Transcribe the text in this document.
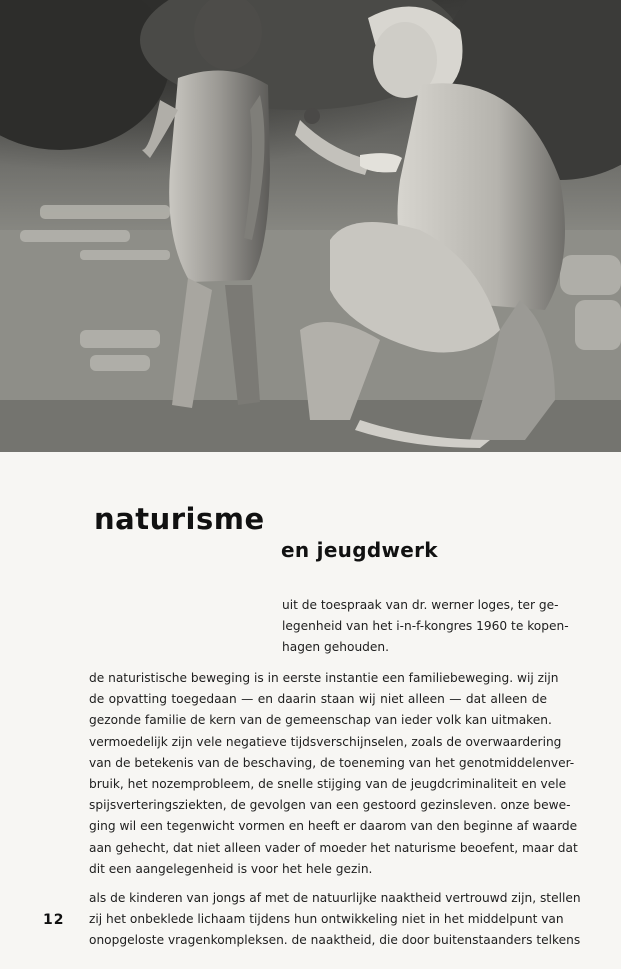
naturisme
en jeugdwerk
uit de toespraak van dr. werner loges, ter ge-
legenheid van het i-n-f-kongres 1960 te kopen-
hagen gehouden.
de naturistische beweging is in eerste instantie een familiebeweging. wij zijn
de opvatting toegedaan — en daarin staan wij niet alleen — dat alleen de
gezonde familie de kern van de gemeenschap van ieder volk kan uitmaken.
vermoedelijk zijn vele negatieve tijdsverschijnselen, zoals de overwaardering
van de betekenis van de beschaving, de toeneming van het genotmiddelenver-
bruik, het nozemprobleem, de snelle stijging van de jeugdcriminaliteit en vele
spijsverteringsziekten, de gevolgen van een gestoord gezinsleven. onze bewe-
ging wil een tegenwicht vormen en heeft er daarom van den beginne af waarde
aan gehecht, dat niet alleen vader of moeder het naturisme beoefent, maar dat
dit een aangelegenheid is voor het hele gezin.
als de kinderen van jongs af met de natuurlijke naaktheid vertrouwd zijn, stellen
zij het onbeklede lichaam tijdens hun ontwikkeling niet in het middelpunt van
onopgeloste vragenkompleksen. de naaktheid, die door buitenstaanders telkens
12
